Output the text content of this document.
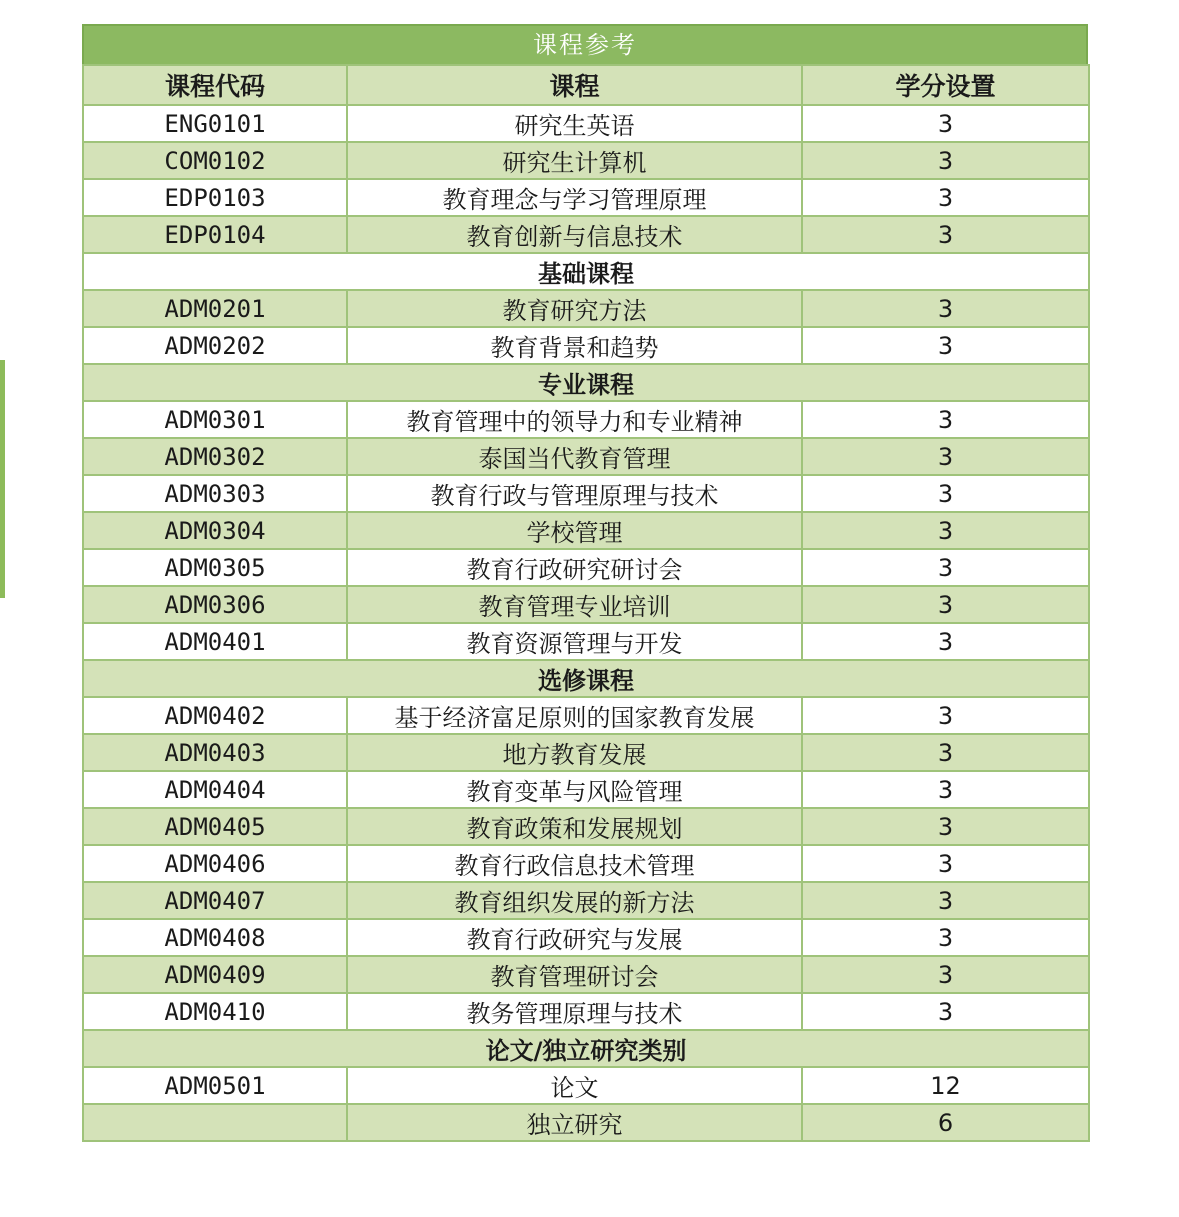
课程参考
课程代码	课程	学分设置
ENG0101	研究生英语	3
COM0102	研究生计算机	3
EDP0103	教育理念与学习管理原理	3
EDP0104	教育创新与信息技术	3
基础课程		
ADM0201	教育研究方法	3
ADM0202	教育背景和趋势	3
专业课程		
ADM0301	教育管理中的领导力和专业精神	3
ADM0302	泰国当代教育管理	3
ADM0303	教育行政与管理原理与技术	3
ADM0304	学校管理	3
ADM0305	教育行政研究研讨会	3
ADM0306	教育管理专业培训	3
ADM0401	教育资源管理与开发	3
选修课程		
ADM0402	基于经济富足原则的国家教育发展	3
ADM0403	地方教育发展	3
ADM0404	教育变革与风险管理	3
ADM0405	教育政策和发展规划	3
ADM0406	教育行政信息技术管理	3
ADM0407	教育组织发展的新方法	3
ADM0408	教育行政研究与发展	3
ADM0409	教育管理研讨会	3
ADM0410	教务管理原理与技术	3
论文/独立研究类别		
ADM0501	论文	12
	独立研究	6
